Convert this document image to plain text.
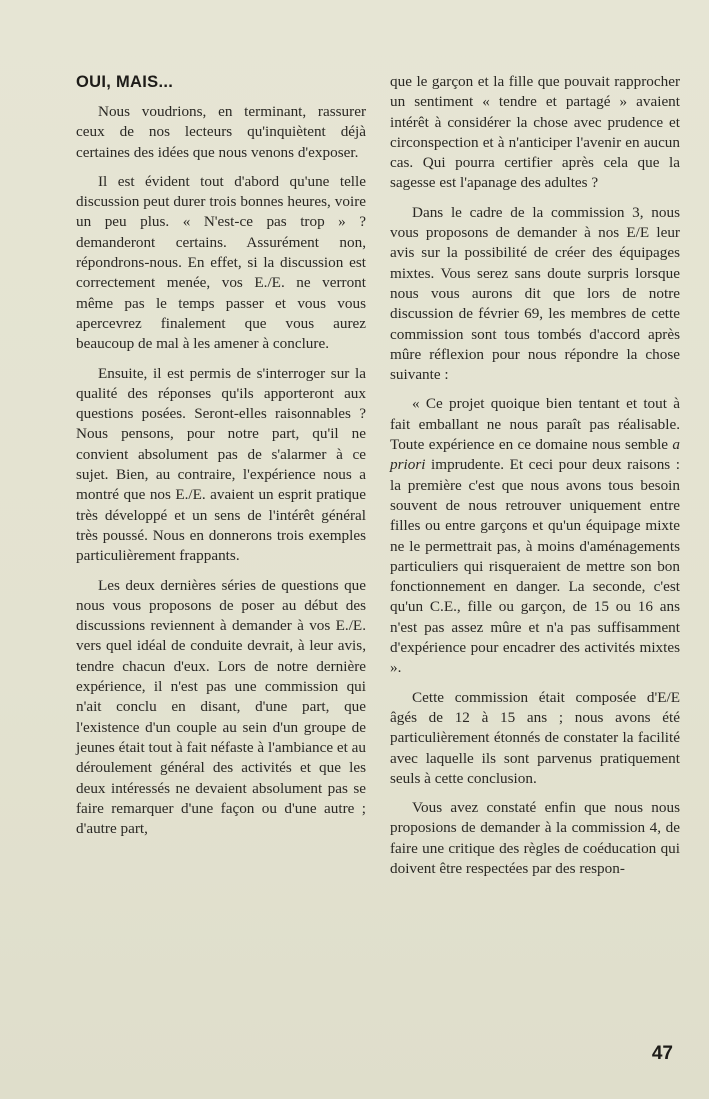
OUI, MAIS...

Nous voudrions, en terminant, rassurer ceux de nos lecteurs qu'inquiètent déjà certaines des idées que nous venons d'exposer.

Il est évident tout d'abord qu'une telle discussion peut durer trois bonnes heures, voire un peu plus. « N'est-ce pas trop » ? demanderont certains. Assurément non, répondrons-nous. En effet, si la discussion est correctement menée, vos E./E. ne verront même pas le temps passer et vous vous apercevrez finalement que vous aurez beaucoup de mal à les amener à conclure.

Ensuite, il est permis de s'interroger sur la qualité des réponses qu'ils apporteront aux questions posées. Seront-elles raisonnables ? Nous pensons, pour notre part, qu'il ne convient absolument pas de s'alarmer à ce sujet. Bien, au contraire, l'expérience nous a montré que nos E./E. avaient un esprit pratique très développé et un sens de l'intérêt général très poussé. Nous en donnerons trois exemples particulièrement frappants.

Les deux dernières séries de questions que nous vous proposons de poser au début des discussions reviennent à demander à vos E./E. vers quel idéal de conduite devrait, à leur avis, tendre chacun d'eux. Lors de notre dernière expérience, il n'est pas une commission qui n'ait conclu en disant, d'une part, que l'existence d'un couple au sein d'un groupe de jeunes était tout à fait néfaste à l'ambiance et au déroulement général des activités et que les deux intéressés ne devaient absolument pas se faire remarquer d'une façon ou d'une autre ; d'autre part,

que le garçon et la fille que pouvait rapprocher un sentiment « tendre et partagé » avaient intérêt à considérer la chose avec prudence et circonspection et à n'anticiper l'avenir en aucun cas. Qui pourra certifier après cela que la sagesse est l'apanage des adultes ?

Dans le cadre de la commission 3, nous vous proposons de demander à nos E/E leur avis sur la possibilité de créer des équipages mixtes. Vous serez sans doute surpris lorsque nous vous aurons dit que lors de notre discussion de février 69, les membres de cette commission sont tous tombés d'accord après mûre réflexion pour nous répondre la chose suivante :

« Ce projet quoique bien tentant et tout à fait emballant ne nous paraît pas réalisable. Toute expérience en ce domaine nous semble a priori imprudente. Et ceci pour deux raisons : la première c'est que nous avons tous besoin souvent de nous retrouver uniquement entre filles ou entre garçons et qu'un équipage mixte ne le permettrait pas, à moins d'aménagements particuliers qui risqueraient de mettre son bon fonctionnement en danger. La seconde, c'est qu'un C.E., fille ou garçon, de 15 ou 16 ans n'est pas assez mûre et n'a pas suffisamment d'expérience pour encadrer des activités mixtes ».

Cette commission était composée d'E/E âgés de 12 à 15 ans ; nous avons été particulièrement étonnés de constater la facilité avec laquelle ils sont parvenus pratiquement seuls à cette conclusion.

Vous avez constaté enfin que nous nous proposions de demander à la commission 4, de faire une critique des règles de coéducation qui doivent être respectées par des respon-

47
